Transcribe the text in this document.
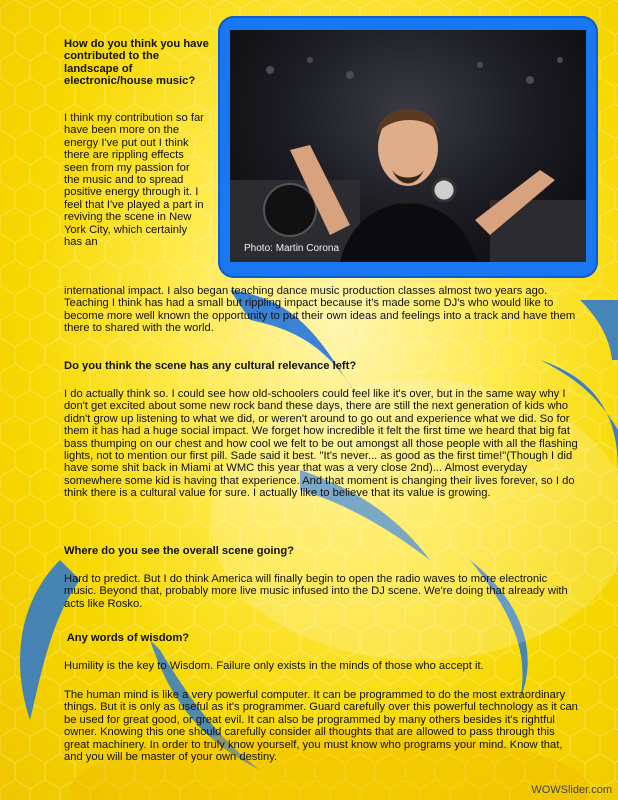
Photo: Martin Corona
How do you think you have contributed to the landscape of electronic/house music?
I think my contribution so far have been more on the energy I've put out I think there are rippling effects seen from my passion for the music and to spread positive energy through it. I feel that I've played a part in reviving the scene in New York City, which certainly has an
international impact. I also began teaching dance music production classes almost two years ago. Teaching I think has had a small but rippling impact because it's made some DJ's who would like to become more well known the opportunity to put their own ideas and feelings into a track and have them there to shared with the world.
Do you think the scene has any cultural relevance left?
I do actually think so. I could see how old-schoolers could feel like it's over, but in the same way why I don't get excited about some new rock band these days, there are still the next generation of kids who didn't grow up listening to what we did, or weren't around to go out and experience what we did. So for them it has had a huge social impact. We forget how incredible it felt the first time we heard that big fat bass thumping on our chest and how cool we felt to be out amongst all those people with all the flashing lights, not to mention our first pill. Sade said it best. "It's never... as good as the first time!"(Though I did have some shit back in Miami at WMC this year that was a very close 2nd)... Almost everyday somewhere some kid is having that experience. And that moment is changing their lives forever, so I do think there is a cultural value for sure. I actually like to believe that its value is growing.
Where do you see the overall scene going?
Hard to predict. But I do think America will finally begin to open the radio waves to more electronic music. Beyond that, probably more live music infused into the DJ scene. We're doing that already with acts like Rosko.
Any words of wisdom?
Humility is the key to Wisdom. Failure only exists in the minds of those who accept it.
The human mind is like a very powerful computer. It can be programmed to do the most extraordinary things. But it is only as useful as it's programmer. Guard carefully over this powerful technology as it can be used for great good, or great evil. It can also be programmed by many others besides it's rightful owner. Knowing this one should carefully consider all thoughts that are allowed to pass through this great machinery. In order to truly know yourself, you must know who programs your mind. Know that, and you will be master of your own destiny.
WOWSlider.com
